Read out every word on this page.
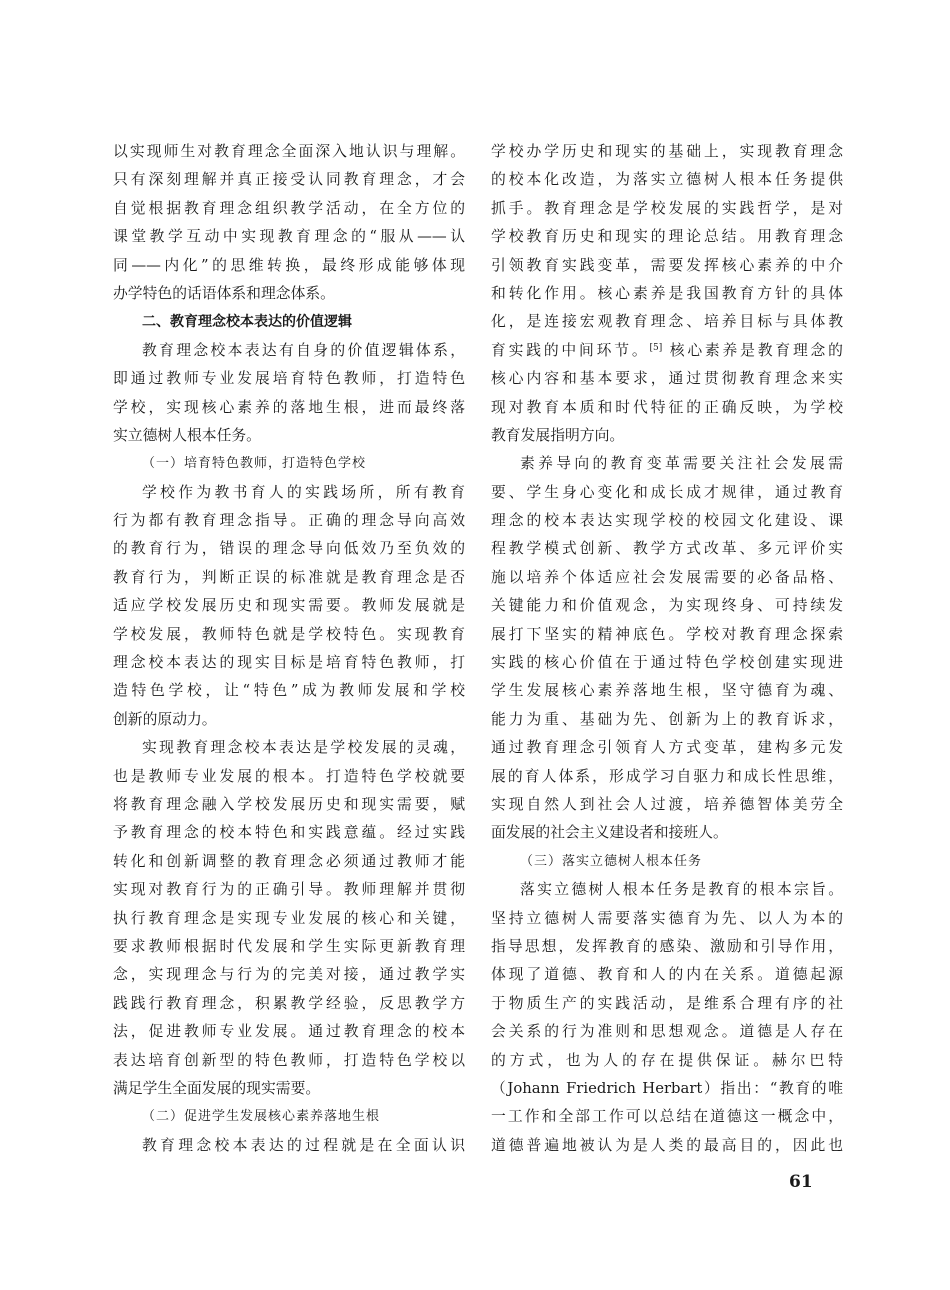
以实现师生对教育理念全面深入地认识与理解。
只有深刻理解并真正接受认同教育理念，才会
自觉根据教育理念组织教学活动，在全方位的
课堂教学互动中实现教育理念的“服从——认
同——内化”的思维转换，最终形成能够体现
办学特色的话语体系和理念体系。
二、教育理念校本表达的价值逻辑
教育理念校本表达有自身的价值逻辑体系，
即通过教师专业发展培育特色教师，打造特色
学校，实现核心素养的落地生根，进而最终落
实立德树人根本任务。
（一）培育特色教师，打造特色学校
学校作为教书育人的实践场所，所有教育
行为都有教育理念指导。正确的理念导向高效
的教育行为，错误的理念导向低效乃至负效的
教育行为，判断正误的标准就是教育理念是否
适应学校发展历史和现实需要。教师发展就是
学校发展，教师特色就是学校特色。实现教育
理念校本表达的现实目标是培育特色教师，打
造特色学校，让“特色”成为教师发展和学校
创新的原动力。
实现教育理念校本表达是学校发展的灵魂，
也是教师专业发展的根本。打造特色学校就要
将教育理念融入学校发展历史和现实需要，赋
予教育理念的校本特色和实践意蕴。经过实践
转化和创新调整的教育理念必须通过教师才能
实现对教育行为的正确引导。教师理解并贯彻
执行教育理念是实现专业发展的核心和关键，
要求教师根据时代发展和学生实际更新教育理
念，实现理念与行为的完美对接，通过教学实
践践行教育理念，积累教学经验，反思教学方
法，促进教师专业发展。通过教育理念的校本
表达培育创新型的特色教师，打造特色学校以
满足学生全面发展的现实需要。
（二）促进学生发展核心素养落地生根
教育理念校本表达的过程就是在全面认识
学校办学历史和现实的基础上，实现教育理念
的校本化改造，为落实立德树人根本任务提供
抓手。教育理念是学校发展的实践哲学，是对
学校教育历史和现实的理论总结。用教育理念
引领教育实践变革，需要发挥核心素养的中介
和转化作用。核心素养是我国教育方针的具体
化，是连接宏观教育理念、培养目标与具体教
育实践的中间环节。[5] 核心素养是教育理念的
核心内容和基本要求，通过贯彻教育理念来实
现对教育本质和时代特征的正确反映，为学校
教育发展指明方向。
素养导向的教育变革需要关注社会发展需
要、学生身心变化和成长成才规律，通过教育
理念的校本表达实现学校的校园文化建设、课
程教学模式创新、教学方式改革、多元评价实
施以培养个体适应社会发展需要的必备品格、
关键能力和价值观念，为实现终身、可持续发
展打下坚实的精神底色。学校对教育理念探索
实践的核心价值在于通过特色学校创建实现进
学生发展核心素养落地生根，坚守德育为魂、
能力为重、基础为先、创新为上的教育诉求，
通过教育理念引领育人方式变革，建构多元发
展的育人体系，形成学习自驱力和成长性思维，
实现自然人到社会人过渡，培养德智体美劳全
面发展的社会主义建设者和接班人。
（三）落实立德树人根本任务
落实立德树人根本任务是教育的根本宗旨。
坚持立德树人需要落实德育为先、以人为本的
指导思想，发挥教育的感染、激励和引导作用，
体现了道德、教育和人的内在关系。道德起源
于物质生产的实践活动，是维系合理有序的社
会关系的行为准则和思想观念。道德是人存在
的方式，也为人的存在提供保证。赫尔巴特
（Johann Friedrich Herbart）指出：“教育的唯
一工作和全部工作可以总结在道德这一概念中，
道德普遍地被认为是人类的最高目的，因此也
61
